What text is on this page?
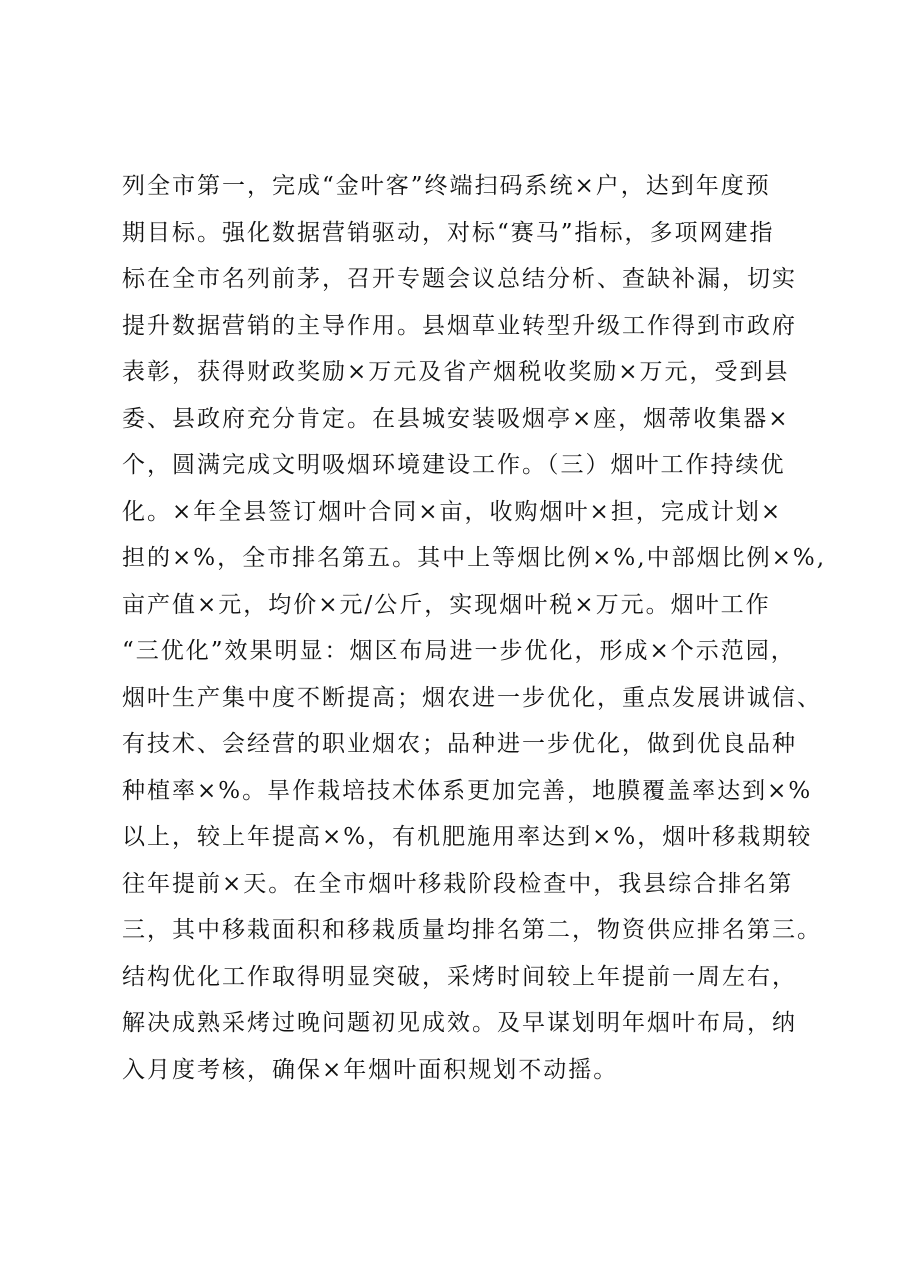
列全市第一，完成“金叶客”终端扫码系统×户，达到年度预
期目标。强化数据营销驱动，对标“赛马”指标，多项网建指
标在全市名列前茅，召开专题会议总结分析、查缺补漏，切实
提升数据营销的主导作用。县烟草业转型升级工作得到市政府
表彰，获得财政奖励×万元及省产烟税收奖励×万元，受到县
委、县政府充分肯定。在县城安装吸烟亭×座，烟蒂收集器×
个，圆满完成文明吸烟环境建设工作。（三）烟叶工作持续优
化。×年全县签订烟叶合同×亩，收购烟叶×担，完成计划×
担的×%，全市排名第五。其中上等烟比例×%,中部烟比例×%,
亩产值×元，均价×元/公斤，实现烟叶税×万元。烟叶工作
“三优化”效果明显：烟区布局进一步优化，形成×个示范园，
烟叶生产集中度不断提高；烟农进一步优化，重点发展讲诚信、
有技术、会经营的职业烟农；品种进一步优化，做到优良品种
种植率×%。旱作栽培技术体系更加完善，地膜覆盖率达到×%
以上，较上年提高×%，有机肥施用率达到×%，烟叶移栽期较
往年提前×天。在全市烟叶移栽阶段检查中，我县综合排名第
三，其中移栽面积和移栽质量均排名第二，物资供应排名第三。
结构优化工作取得明显突破，采烤时间较上年提前一周左右，
解决成熟采烤过晚问题初见成效。及早谋划明年烟叶布局，纳
入月度考核，确保×年烟叶面积规划不动摇。
